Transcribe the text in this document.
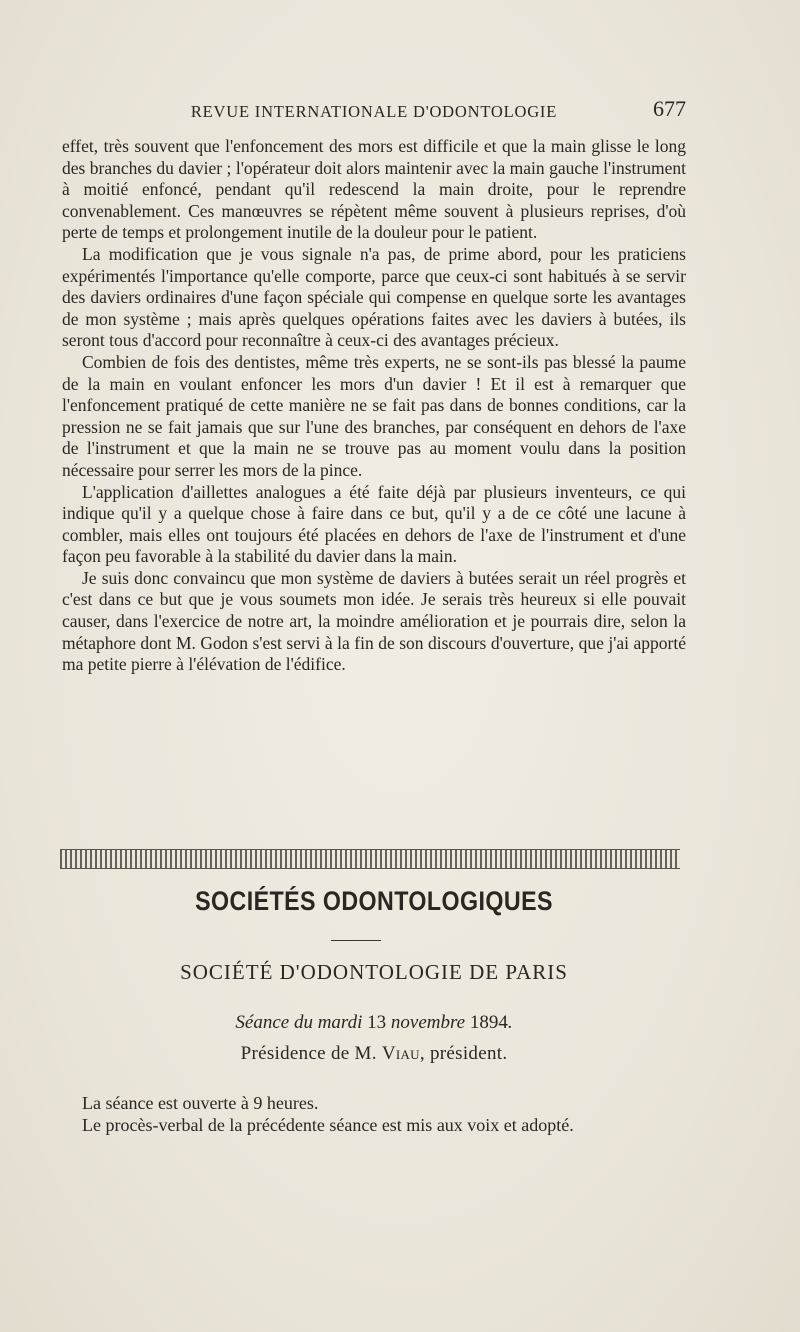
REVUE INTERNATIONALE D'ODONTOLOGIE	677

effet, très souvent que l'enfoncement des mors est difficile et que la main glisse le long des branches du davier ; l'opérateur doit alors maintenir avec la main gauche l'instrument à moitié enfoncé, pendant qu'il redescend la main droite, pour le reprendre convenablement. Ces manœuvres se répètent même souvent à plusieurs reprises, d'où perte de temps et prolongement inutile de la douleur pour le patient.

La modification que je vous signale n'a pas, de prime abord, pour les praticiens expérimentés l'importance qu'elle comporte, parce que ceux-ci sont habitués à se servir des daviers ordinaires d'une façon spéciale qui compense en quelque sorte les avantages de mon système ; mais après quelques opérations faites avec les daviers à butées, ils seront tous d'accord pour reconnaître à ceux-ci des avantages précieux.

Combien de fois des dentistes, même très experts, ne se sont-ils pas blessé la paume de la main en voulant enfoncer les mors d'un davier ! Et il est à remarquer que l'enfoncement pratiqué de cette manière ne se fait pas dans de bonnes conditions, car la pression ne se fait jamais que sur l'une des branches, par conséquent en dehors de l'axe de l'instrument et que la main ne se trouve pas au moment voulu dans la position nécessaire pour serrer les mors de la pince.

L'application d'aillettes analogues a été faite déjà par plusieurs inventeurs, ce qui indique qu'il y a quelque chose à faire dans ce but, qu'il y a de ce côté une lacune à combler, mais elles ont toujours été placées en dehors de l'axe de l'instrument et d'une façon peu favorable à la stabilité du davier dans la main.

Je suis donc convaincu que mon système de daviers à butées serait un réel progrès et c'est dans ce but que je vous soumets mon idée. Je serais très heureux si elle pouvait causer, dans l'exercice de notre art, la moindre amélioration et je pourrais dire, selon la métaphore dont M. Godon s'est servi à la fin de son discours d'ouverture, que j'ai apporté ma petite pierre à l'élévation de l'édifice.

SOCIÉTÉS ODONTOLOGIQUES
SOCIÉTÉ D'ODONTOLOGIE DE PARIS
Séance du mardi 13 novembre 1894.
Présidence de M. Viau, président.

La séance est ouverte à 9 heures.

Le procès-verbal de la précédente séance est mis aux voix et adopté.
